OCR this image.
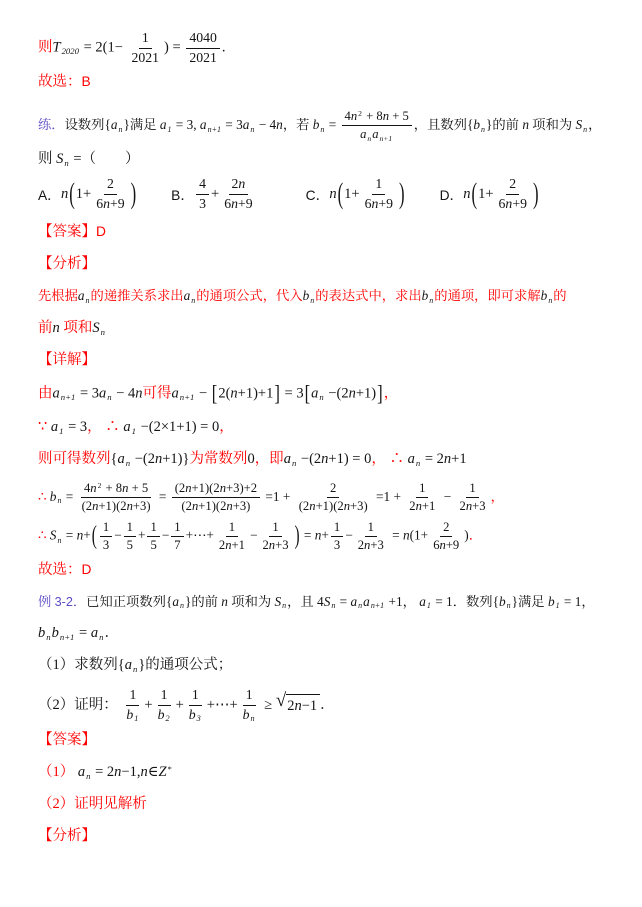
则$T_{2020} = 2(1- \frac{1}{2021}$ ) = $\frac{4040}{2021}$ .
故选：B
练．设数列$\{a_n\}$满足 $a_1 = 3$, $a_{n+1} = 3a_n - 4n$，若 $b_n = \frac{4n^2 + 8n + 5}{a_na_{n+1}}$ ，且数列$\{b_n\}$的前 n 项和为 $S_n$，
则 $S_n$ =（　　）
A． n ( $1+ \frac{2}{6n+9}$ )	B． $\frac{4}{3} + \frac{2n}{6n+9}$	C． n ( $1+ \frac{1}{6n+9}$ )	D． n ( $1+ \frac{2}{6n+9}$ )
【答案】D
【分析】
先根据$a_n$的递推关系求出$a_n$的通项公式，代入$b_n$的表达式中，求出$b_n$的通项，即可求解$b_n$的
前n 项和$S_n$
【详解】
由$a_{n+1} = 3a_n - 4n$可得$a_{n+1} - [2(n+1)+1] = 3[a_n -(2n+1)]$，
∵ $a_1 = 3$， ∴ $a_1 -(2\times 1+1) = 0$，
则可得数列$\{a_n -(2n+1)\}$为常数列0，即$a_n -(2n+1) = 0$， ∴ $a_n = 2n+1$
∴ $b_n = \frac{4n^2 + 8n + 5}{(2n+1)(2n+3)} = \frac{(2n+1)(2n+3)+2}{(2n+1)(2n+3)} =1 + \frac{2}{(2n+1)(2n+3)} =1 + \frac{1}{2n+1} - \frac{1}{2n+3}$ ，
∴ $S_n = n+( \frac{1}{3} - \frac{1}{5} + \frac{1}{5} - \frac{1}{7}$ +⋯+ $\frac{1}{2n+1} - \frac{1}{2n+3}$ ) = $n+ \frac{1}{3} - \frac{1}{2n+3} = n(1+ \frac{2}{6n+9}$ )．
故选：D
例 3-2．已知正项数列$\{a_n\}$的前 n 项和为 $S_n$，且 $4S_n = a_na_{n+1} +1$， $a_1 = 1$．数列$\{b_n\}$满足 $b_1 = 1$，
$b_nb_{n+1} = a_n$．
（1）求数列$\{a_n\}$的通项公式；
（2）证明： $\frac{1}{b_1} + \frac{1}{b_2} + \frac{1}{b_3}$ +⋯+ $\frac{1}{b_n}$ ≥ √ 2n−1 ．
【答案】
（1） $a_n$ = 2n−1,n∈Z*
（2）证明见解析
【分析】
